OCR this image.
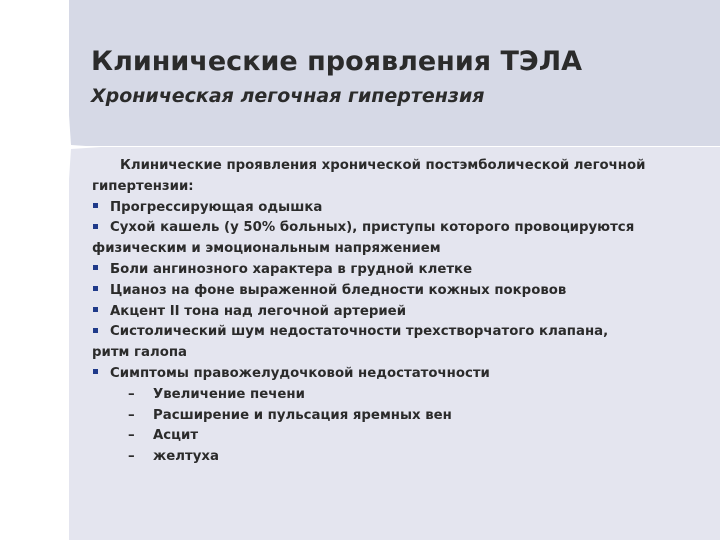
Клинические проявления ТЭЛА
Хроническая легочная гипертензия

Клинические проявления хронической постэмболической легочной

гипертензии:

Прогрессирующая одышка

Сухой кашель (у 50% больных), приступы которого провоцируются

физическим и эмоциональным напряжением

Боли ангинозного характера в грудной клетке

Цианоз на фоне выраженной бледности кожных покровов

Акцент II тона над легочной артерией

Систолический шум недостаточности трехстворчатого клапана,

ритм галопа

Симптомы правожелудочковой недостаточности

– Увеличение печени

– Расширение и пульсация яремных вен

– Асцит

– желтуха
